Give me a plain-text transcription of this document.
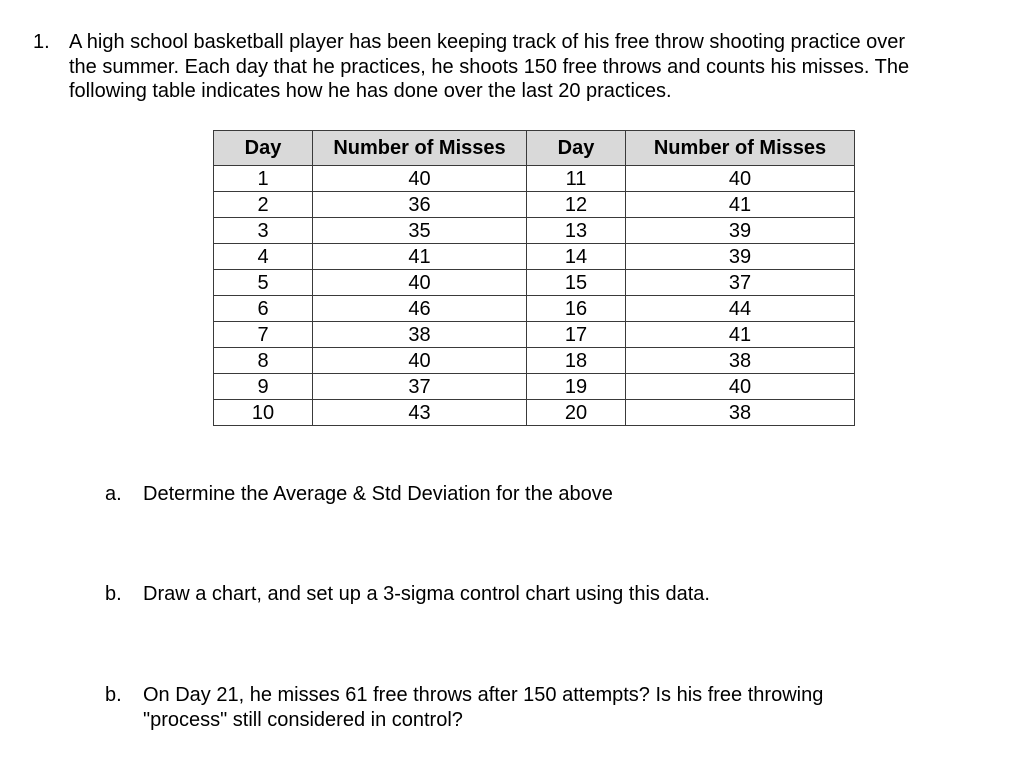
1. A high school basketball player has been keeping track of his free throw shooting practice over
the summer. Each day that he practices, he shoots 150 free throws and counts his misses. The
following table indicates how he has done over the last 20 practices.
Day	Number of Misses	Day	Number of Misses
1	40	11	40
2	36	12	41
3	35	13	39
4	41	14	39
5	40	15	37
6	46	16	44
7	38	17	41
8	40	18	38
9	37	19	40
10	43	20	38
a. Determine the Average & Std Deviation for the above
b. Draw a chart, and set up a 3-sigma control chart using this data.
b. On Day 21, he misses 61 free throws after 150 attempts? Is his free throwing
"process" still considered in control?
